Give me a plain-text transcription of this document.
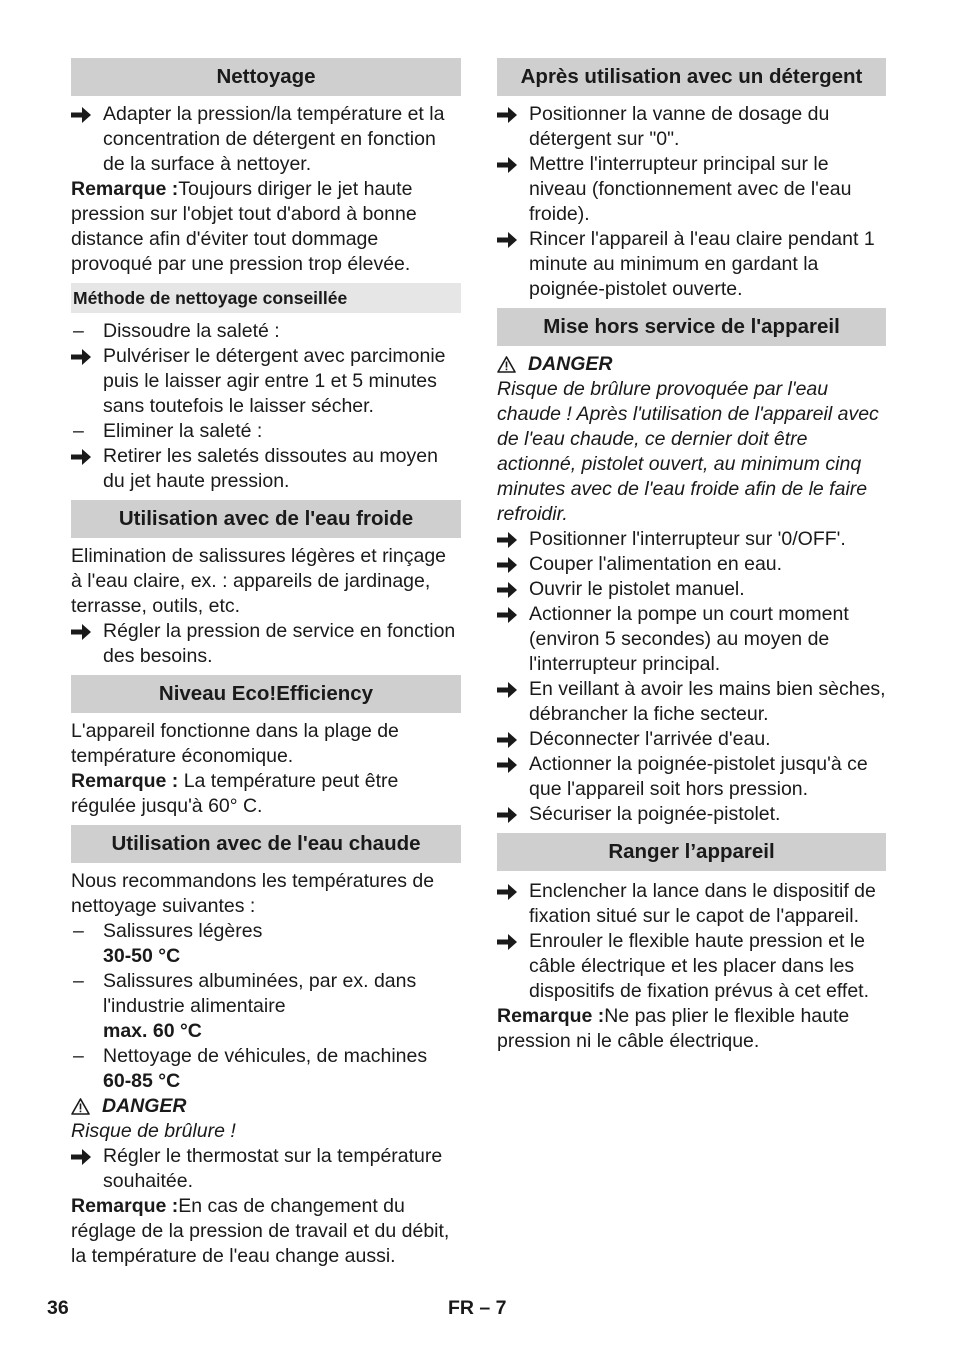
Nettoyage

Adapter la pression/la température et la concentration de détergent en fonction de la surface à nettoyer.

Remarque :Toujours diriger le jet haute pression sur l'objet tout d'abord à bonne distance afin d'éviter tout dommage provoqué par une pression trop élevée.

Méthode de nettoyage conseillée
– Dissoudre la saleté :

Pulvériser le détergent avec parcimonie puis le laisser agir entre 1 et 5 minutes sans toutefois le laisser sécher.

– Eliminer la saleté :

Retirer les saletés dissoutes au moyen du jet haute pression.

Utilisation avec de l'eau froide

Elimination de salissures légères et rinçage à l'eau claire, ex. : appareils de jardinage, terrasse, outils, etc.

Régler la pression de service en fonction des besoins.

Niveau Eco!Efficiency

L'appareil fonctionne dans la plage de température économique.

Remarque : La température peut être régulée jusqu'à 60° C.

Utilisation avec de l'eau chaude

Nous recommandons les températures de nettoyage suivantes :

– Salissures légères

30-50 °C

– Salissures albuminées, par ex. dans l'industrie alimentaire

max. 60 °C

– Nettoyage de véhicules, de machines

60-85 °C

DANGER

Risque de brûlure !

Régler le thermostat sur la température souhaitée.

Remarque :En cas de changement du réglage de la pression de travail et du débit, la température de l'eau change aussi.

Après utilisation avec un détergent

Positionner la vanne de dosage du détergent sur "0".

Mettre l'interrupteur principal sur le niveau (fonctionnement avec de l'eau froide).

Rincer l'appareil à l'eau claire pendant 1 minute au minimum en gardant la poignée-pistolet ouverte.

Mise hors service de l'appareil
DANGER

Risque de brûlure provoquée par l'eau chaude ! Après l'utilisation de l'appareil avec de l'eau chaude, ce dernier doit être actionné, pistolet ouvert, au minimum cinq minutes avec de l'eau froide afin de le faire refroidir.

Positionner l'interrupteur sur '0/OFF'.

Couper l'alimentation en eau.

Ouvrir le pistolet manuel.

Actionner la pompe un court moment (environ 5 secondes) au moyen de l'interrupteur principal.

En veillant à avoir les mains bien sèches, débrancher la fiche secteur.

Déconnecter l'arrivée d'eau.

Actionner la poignée-pistolet jusqu'à ce que l'appareil soit hors pression.

Sécuriser la poignée-pistolet.

Ranger l’appareil

Enclencher la lance dans le dispositif de fixation situé sur le capot de l'appareil.

Enrouler le flexible haute pression et le câble électrique et les placer dans les dispositifs de fixation prévus à cet effet.

Remarque :Ne pas plier le flexible haute pression ni le câble électrique.

36	FR – 7
